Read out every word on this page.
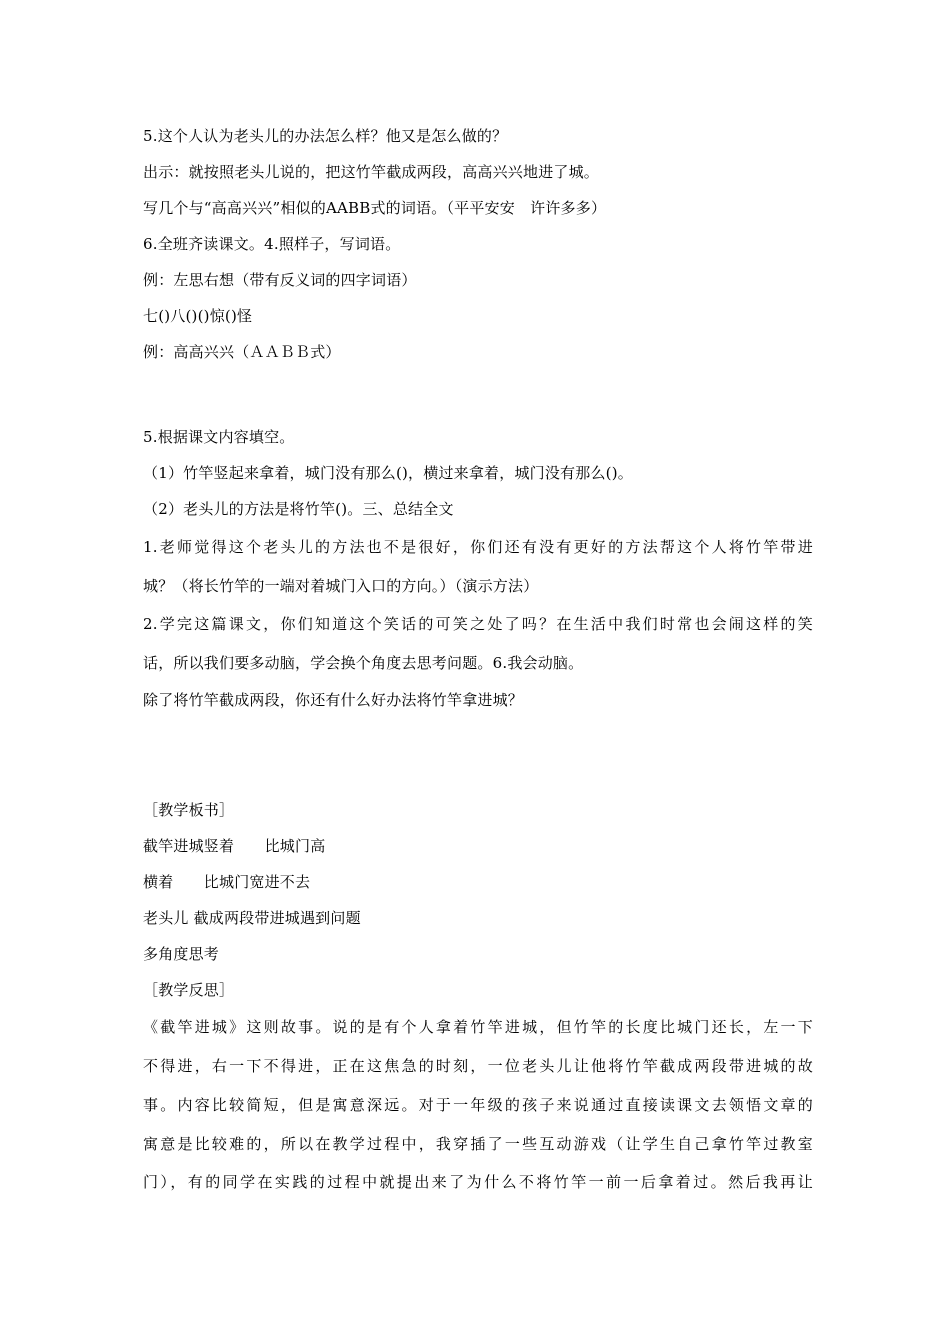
5.这个人认为老头儿的办法怎么样？他又是怎么做的？
出示：就按照老头儿说的，把这竹竿截成两段，高高兴兴地进了城。
写几个与“高高兴兴”相似的AABB式的词语。（平平安安　许许多多）
6.全班齐读课文。4.照样子，写词语。
例：左思右想（带有反义词的四字词语）
七()八()()惊()怪
例：高高兴兴（ＡＡＢＢ式）
5.根据课文内容填空。
（1）竹竿竖起来拿着，城门没有那么()，横过来拿着，城门没有那么()。
（2）老头儿的方法是将竹竿()。三、总结全文
1.老师觉得这个老头儿的方法也不是很好，你们还有没有更好的方法帮这个人将竹竿带进
城？（将长竹竿的一端对着城门入口的方向。）（演示方法）
2.学完这篇课文，你们知道这个笑话的可笑之处了吗？在生活中我们时常也会闹这样的笑
话，所以我们要多动脑，学会换个角度去思考问题。6.我会动脑。
除了将竹竿截成两段，你还有什么好办法将竹竿拿进城？
［教学板书］
截竿进城竖着　　比城门高
横着　　比城门宽进不去
老头儿 截成两段带进城遇到问题
多角度思考
［教学反思］
《截竿进城》这则故事。说的是有个人拿着竹竿进城，但竹竿的长度比城门还长，左一下
不得进，右一下不得进，正在这焦急的时刻，一位老头儿让他将竹竿截成两段带进城的故
事。内容比较简短，但是寓意深远。对于一年级的孩子来说通过直接读课文去领悟文章的
寓意是比较难的，所以在教学过程中，我穿插了一些互动游戏（让学生自己拿竹竿过教室
门），有的同学在实践的过程中就提出来了为什么不将竹竿一前一后拿着过。然后我再让
